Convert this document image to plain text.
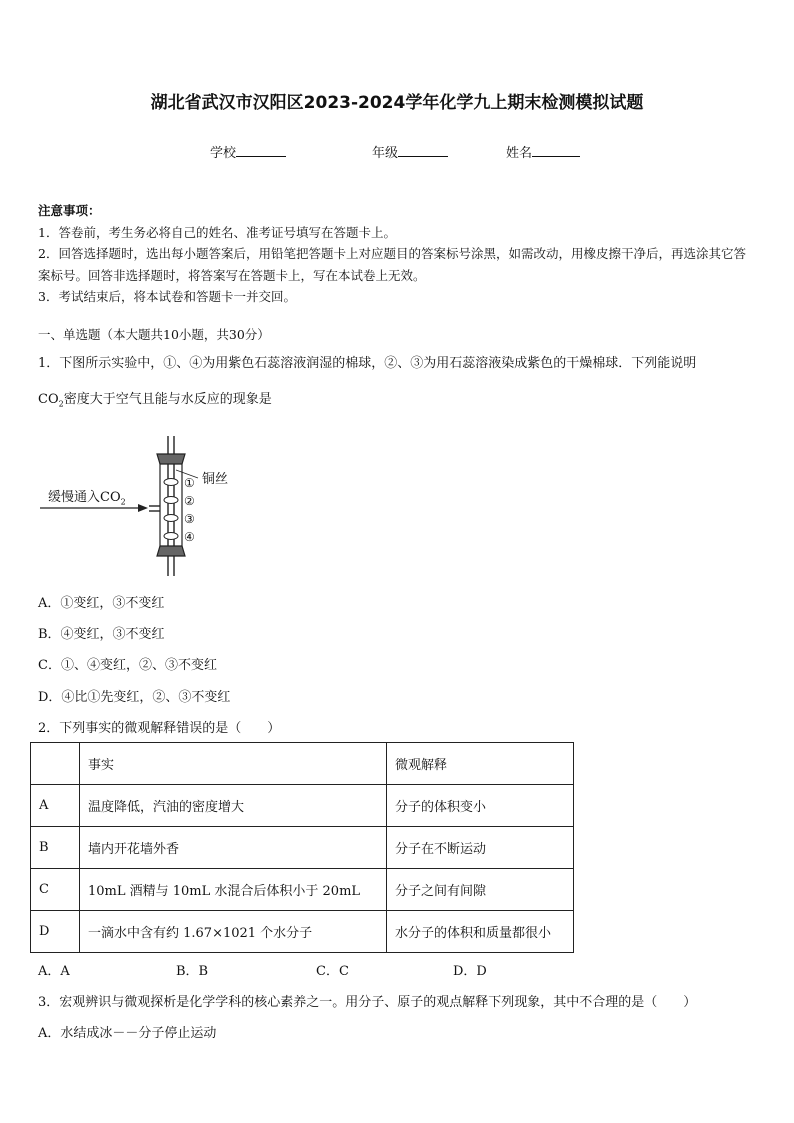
湖北省武汉市汉阳区2023-2024学年化学九上期末检测模拟试题
学校	年级	姓名
注意事项：
1．答卷前，考生务必将自己的姓名、准考证号填写在答题卡上。
2．回答选择题时，选出每小题答案后，用铅笔把答题卡上对应题目的答案标号涂黑，如需改动，用橡皮擦干净后，再选涂其它答案标号。回答非选择题时，将答案写在答题卡上，写在本试卷上无效。
3．考试结束后，将本试卷和答题卡一并交回。
一、单选题（本大题共10小题，共30分）
1．下图所示实验中，①、④为用紫色石蕊溶液润湿的棉球，②、③为用石蕊溶液染成紫色的干燥棉球．下列能说明
$CO_2$密度大于空气且能与水反应的现象是
缓慢通入$CO_2$
铜丝
①
②
③
④
A．①变红，③不变红
B．④变红，③不变红
C．①、④变红，②、③不变红
D．④比①先变红，②、③不变红
2．下列事实的微观解释错误的是（　　）
	事实	微观解释
A	温度降低，汽油的密度增大	分子的体积变小
B	墙内开花墙外香	分子在不断运动
C	10mL 酒精与 10mL 水混合后体积小于 20mL	分子之间有间隙
D	一滴水中含有约 1.67×1021 个水分子	水分子的体积和质量都很小
A．A	B．B	C．C	D．D
3．宏观辨识与微观探析是化学学科的核心素养之一。用分子、原子的观点解释下列现象，其中不合理的是（　　）
A．水结成冰－－分子停止运动
